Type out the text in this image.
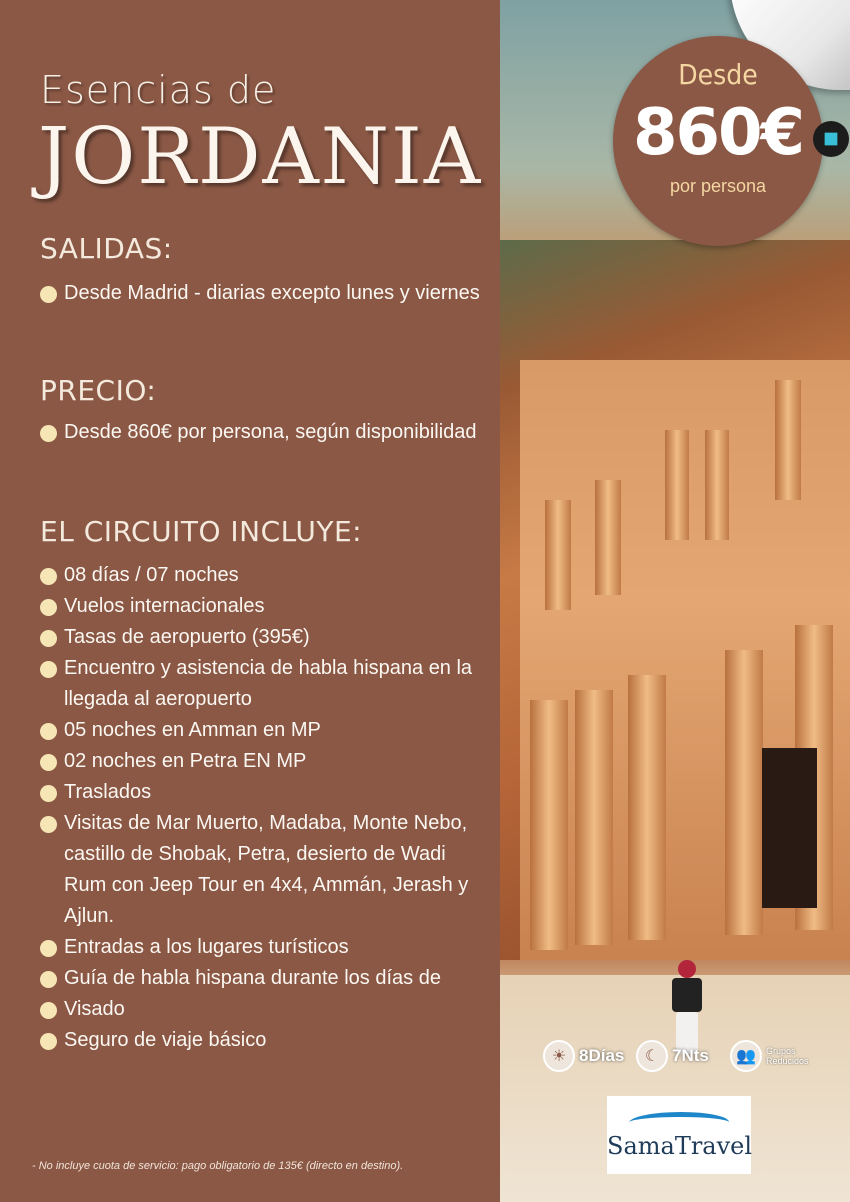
Esencias de
JORDANIA
SALIDAS:
Desde Madrid - diarias excepto lunes y viernes
PRECIO:
Desde 860€ por persona, según disponibilidad
EL CIRCUITO INCLUYE:
08 días / 07 noches
Vuelos internacionales
Tasas de aeropuerto (395€)
Encuentro y asistencia de habla hispana en la llegada al aeropuerto
05 noches en Amman en MP
02 noches en Petra EN MP
Traslados
Visitas de Mar Muerto, Madaba, Monte Nebo, castillo de Shobak, Petra, desierto de Wadi Rum con Jeep Tour en 4x4, Ammán, Jerash y Ajlun.
Entradas a los lugares turísticos
Guía de habla hispana durante los días de
Visado
Seguro de viaje básico
- No incluye cuota de servicio: pago obligatorio de 135€ (directo en destino).
Desde
860€
por persona
☀ 8Días	☾ 7Nts	👥	Grupos
Reducidos
SamaTravel
